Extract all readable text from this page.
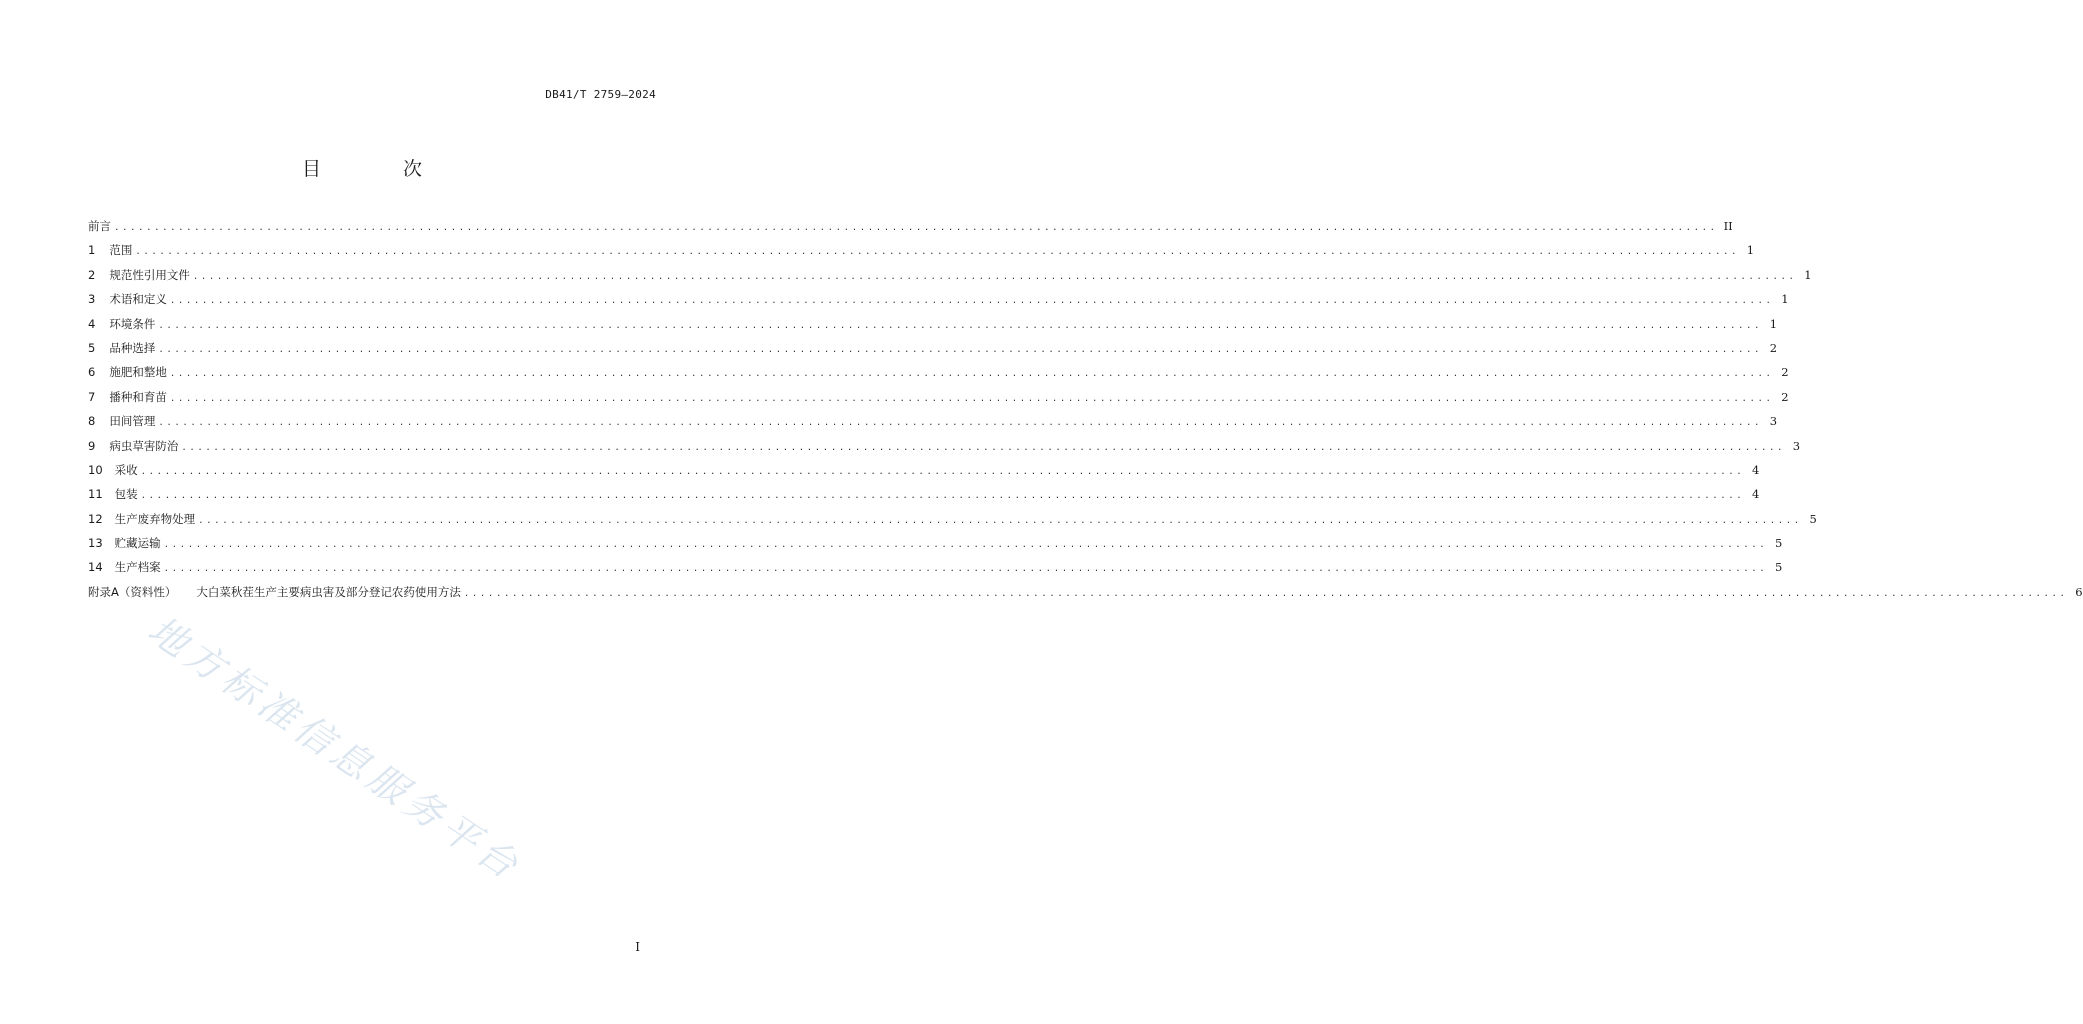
DB41/T 2759—2024
目 次
前言 ........................................................................................................................................................................................................ II
1 范围 ........................................................................................................................................................................................................ 1
2 规范性引用文件 ........................................................................................................................................................................................................ 1
3 术语和定义 ........................................................................................................................................................................................................ 1
4 环境条件 ........................................................................................................................................................................................................ 1
5 品种选择 ........................................................................................................................................................................................................ 2
6 施肥和整地 ........................................................................................................................................................................................................ 2
7 播种和育苗 ........................................................................................................................................................................................................ 2
8 田间管理 ........................................................................................................................................................................................................ 3
9 病虫草害防治 ........................................................................................................................................................................................................ 3
10 采收 ........................................................................................................................................................................................................ 4
11 包装 ........................................................................................................................................................................................................ 4
12 生产废弃物处理 ........................................................................................................................................................................................................ 5
13 贮藏运输 ........................................................................................................................................................................................................ 5
14 生产档案 ........................................................................................................................................................................................................ 5
附录A（资料性） 大白菜秋茬生产主要病虫害及部分登记农药使用方法 ........................................................................................................................................................................................................ 6
地方标准信息服务平台
I
